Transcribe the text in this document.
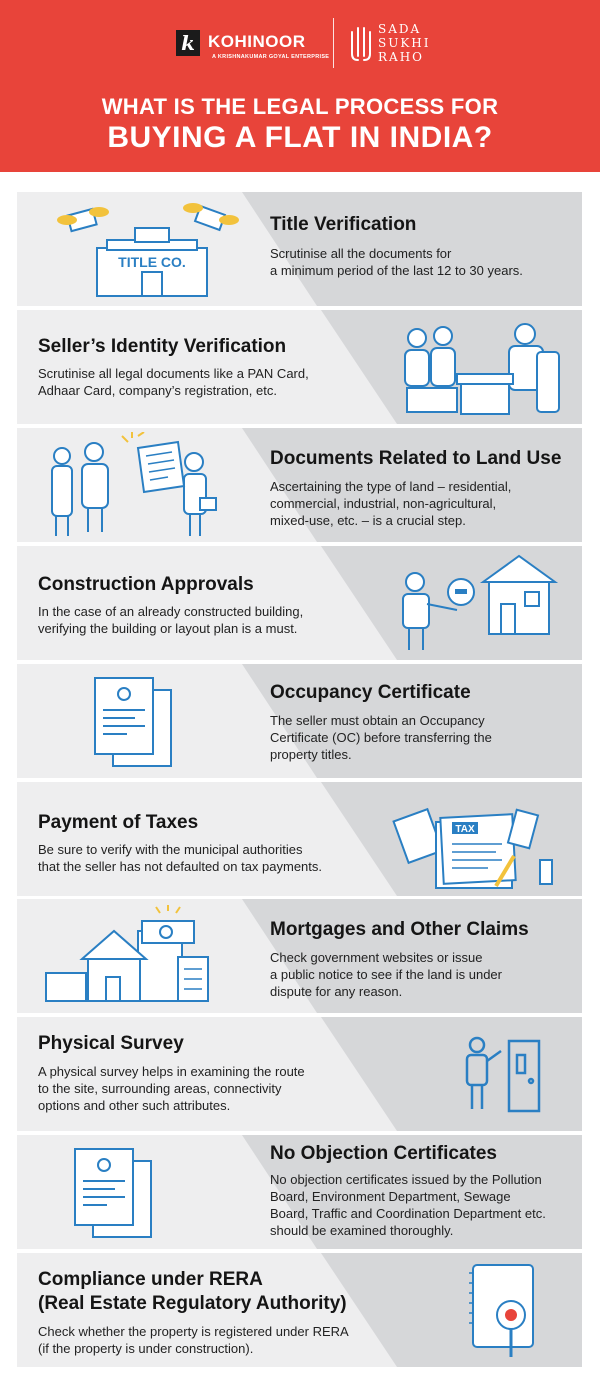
k KOHINOOR
A KRISHNAKUMAR GOYAL ENTERPRISE
SADA
SUKHI
RAHO
WHAT IS THE LEGAL PROCESS FOR
BUYING A FLAT IN INDIA?
TITLE CO.
Title Verification

Scrutinise all the documents for

a minimum period of the last 12 to 30 years.

Seller’s Identity Verification

Scrutinise all legal documents like a PAN Card,

Adhaar Card, company’s registration, etc.

Documents Related to Land Use

Ascertaining the type of land – residential,

commercial, industrial, non-agricultural,

mixed-use, etc. – is a crucial step.

Construction Approvals

In the case of an already constructed building,

verifying the building or layout plan is a must.

Occupancy Certificate

The seller must obtain an Occupancy

Certificate (OC) before transferring the

property titles.

TAX
Payment of Taxes

Be sure to verify with the municipal authorities

that the seller has not defaulted on tax payments.

Mortgages and Other Claims

Check government websites or issue

a public notice to see if the land is under

dispute for any reason.

Physical Survey

A physical survey helps in examining the route

to the site, surrounding areas, connectivity

options and other such attributes.

No Objection Certificates

No objection certificates issued by the Pollution

Board, Environment Department, Sewage

Board, Traffic and Coordination Department etc.

should be examined thoroughly.

Compliance under RERA
(Real Estate Regulatory Authority)

Check whether the property is registered under RERA

(if the property is under construction).
